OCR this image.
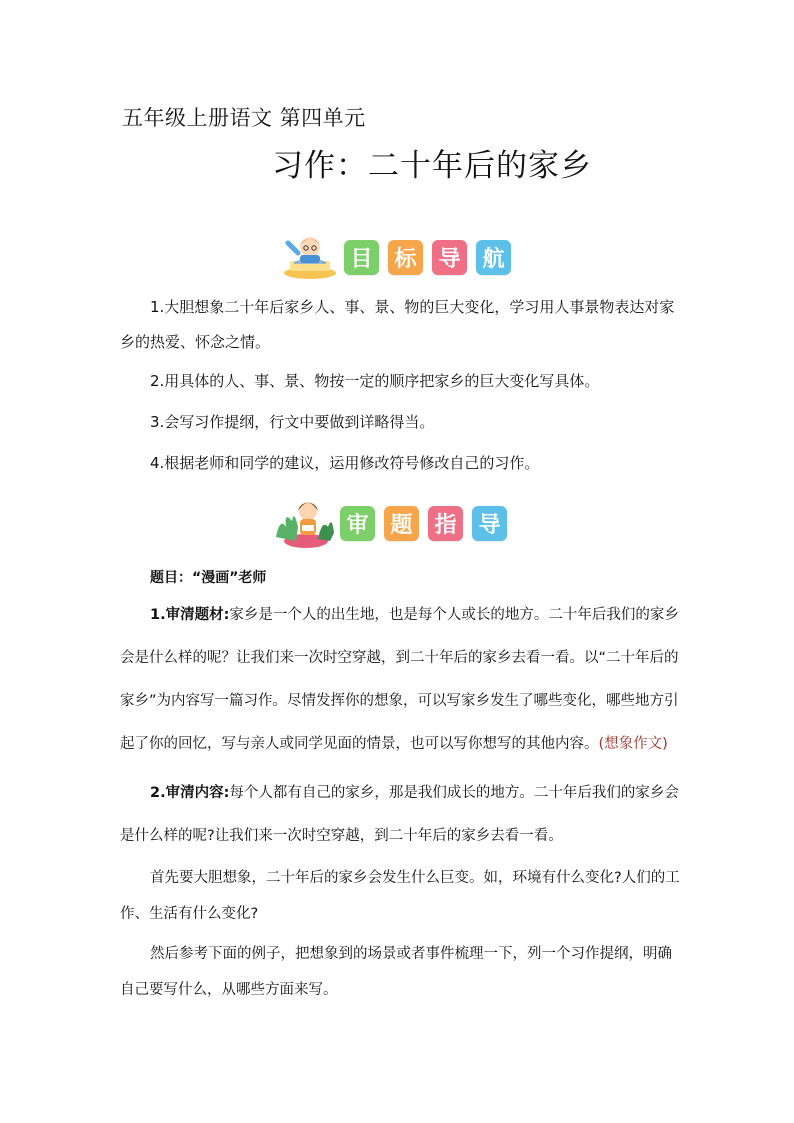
五年级上册语文 第四单元
习作：二十年后的家乡
目 标 导 航

1.大胆想象二十年后家乡人、事、景、物的巨大变化，学习用人事景物表达对家乡的热爱、怀念之情。

2.用具体的人、事、景、物按一定的顺序把家乡的巨大变化写具体。

3.会写习作提纲，行文中要做到详略得当。

4.根据老师和同学的建议，运用修改符号修改自己的习作。

审 题 指 导
题目：“漫画”老师

1.审清题材:家乡是一个人的出生地，也是每个人或长的地方。二十年后我们的家乡会是什么样的呢？让我们来一次时空穿越，到二十年后的家乡去看一看。以“二十年后的家乡”为内容写一篇习作。尽情发挥你的想象，可以写家乡发生了哪些变化，哪些地方引起了你的回忆，写与亲人或同学见面的情景，也可以写你想写的其他内容。(想象作文)

2.审清内容:每个人都有自己的家乡，那是我们成长的地方。二十年后我们的家乡会是什么样的呢?让我们来一次时空穿越，到二十年后的家乡去看一看。

首先要大胆想象，二十年后的家乡会发生什么巨变。如，环境有什么变化?人们的工作、生活有什么变化?

然后参考下面的例子，把想象到的场景或者事件梳理一下，列一个习作提纲，明确自己要写什么，从哪些方面来写。
